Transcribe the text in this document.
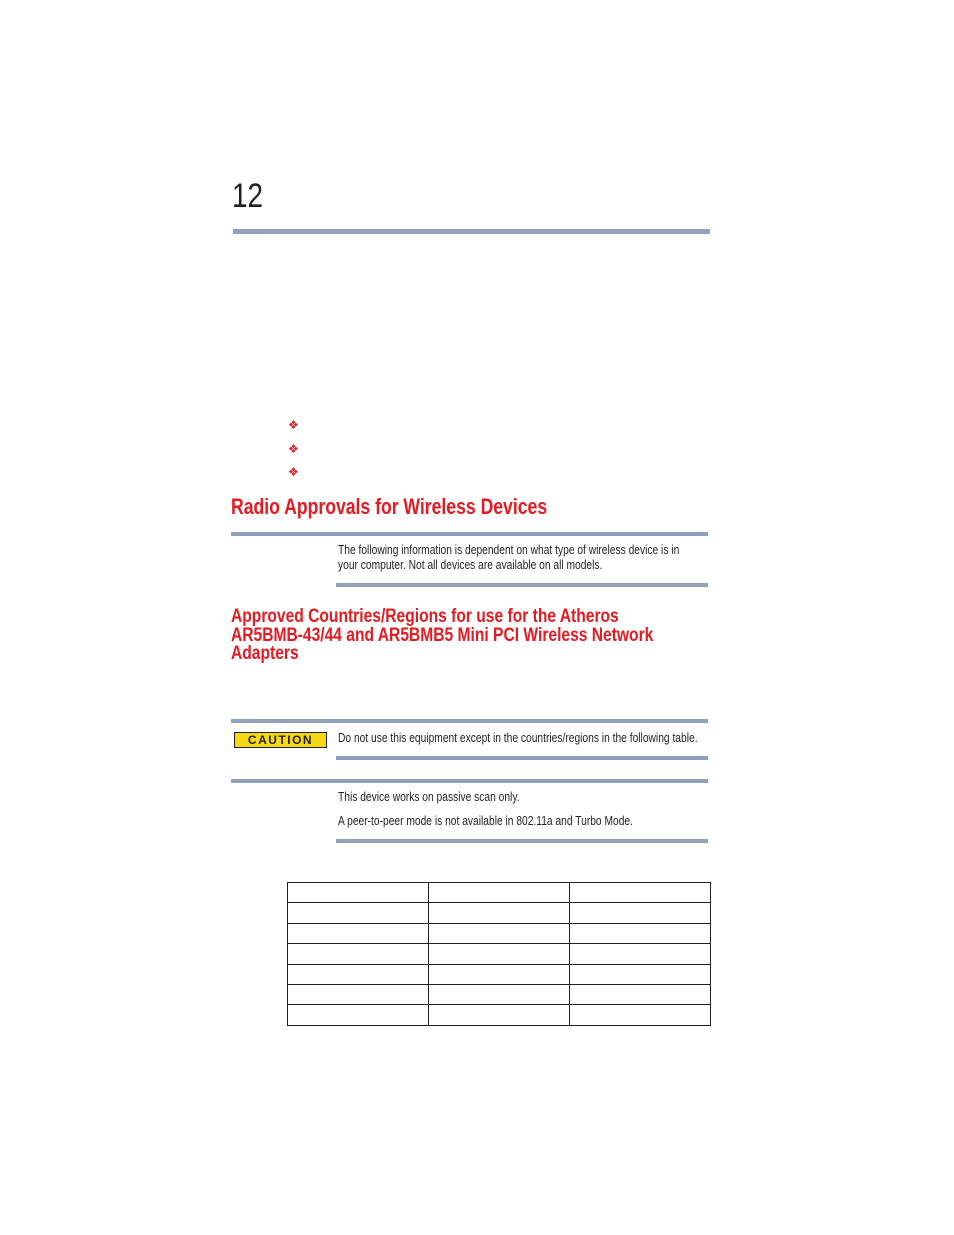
12
❖
❖
❖
Radio Approvals for Wireless Devices
The following information is dependent on what type of wireless device is in
your computer. Not all devices are available on all models.
Approved Countries/Regions for use for the Atheros
AR5BMB-43/44 and AR5BMB5 Mini PCI Wireless Network
Adapters
CAUTION Do not use this equipment except in the countries/regions in the following table.
This device works on passive scan only.
A peer-to-peer mode is not available in 802.11a and Turbo Mode.
